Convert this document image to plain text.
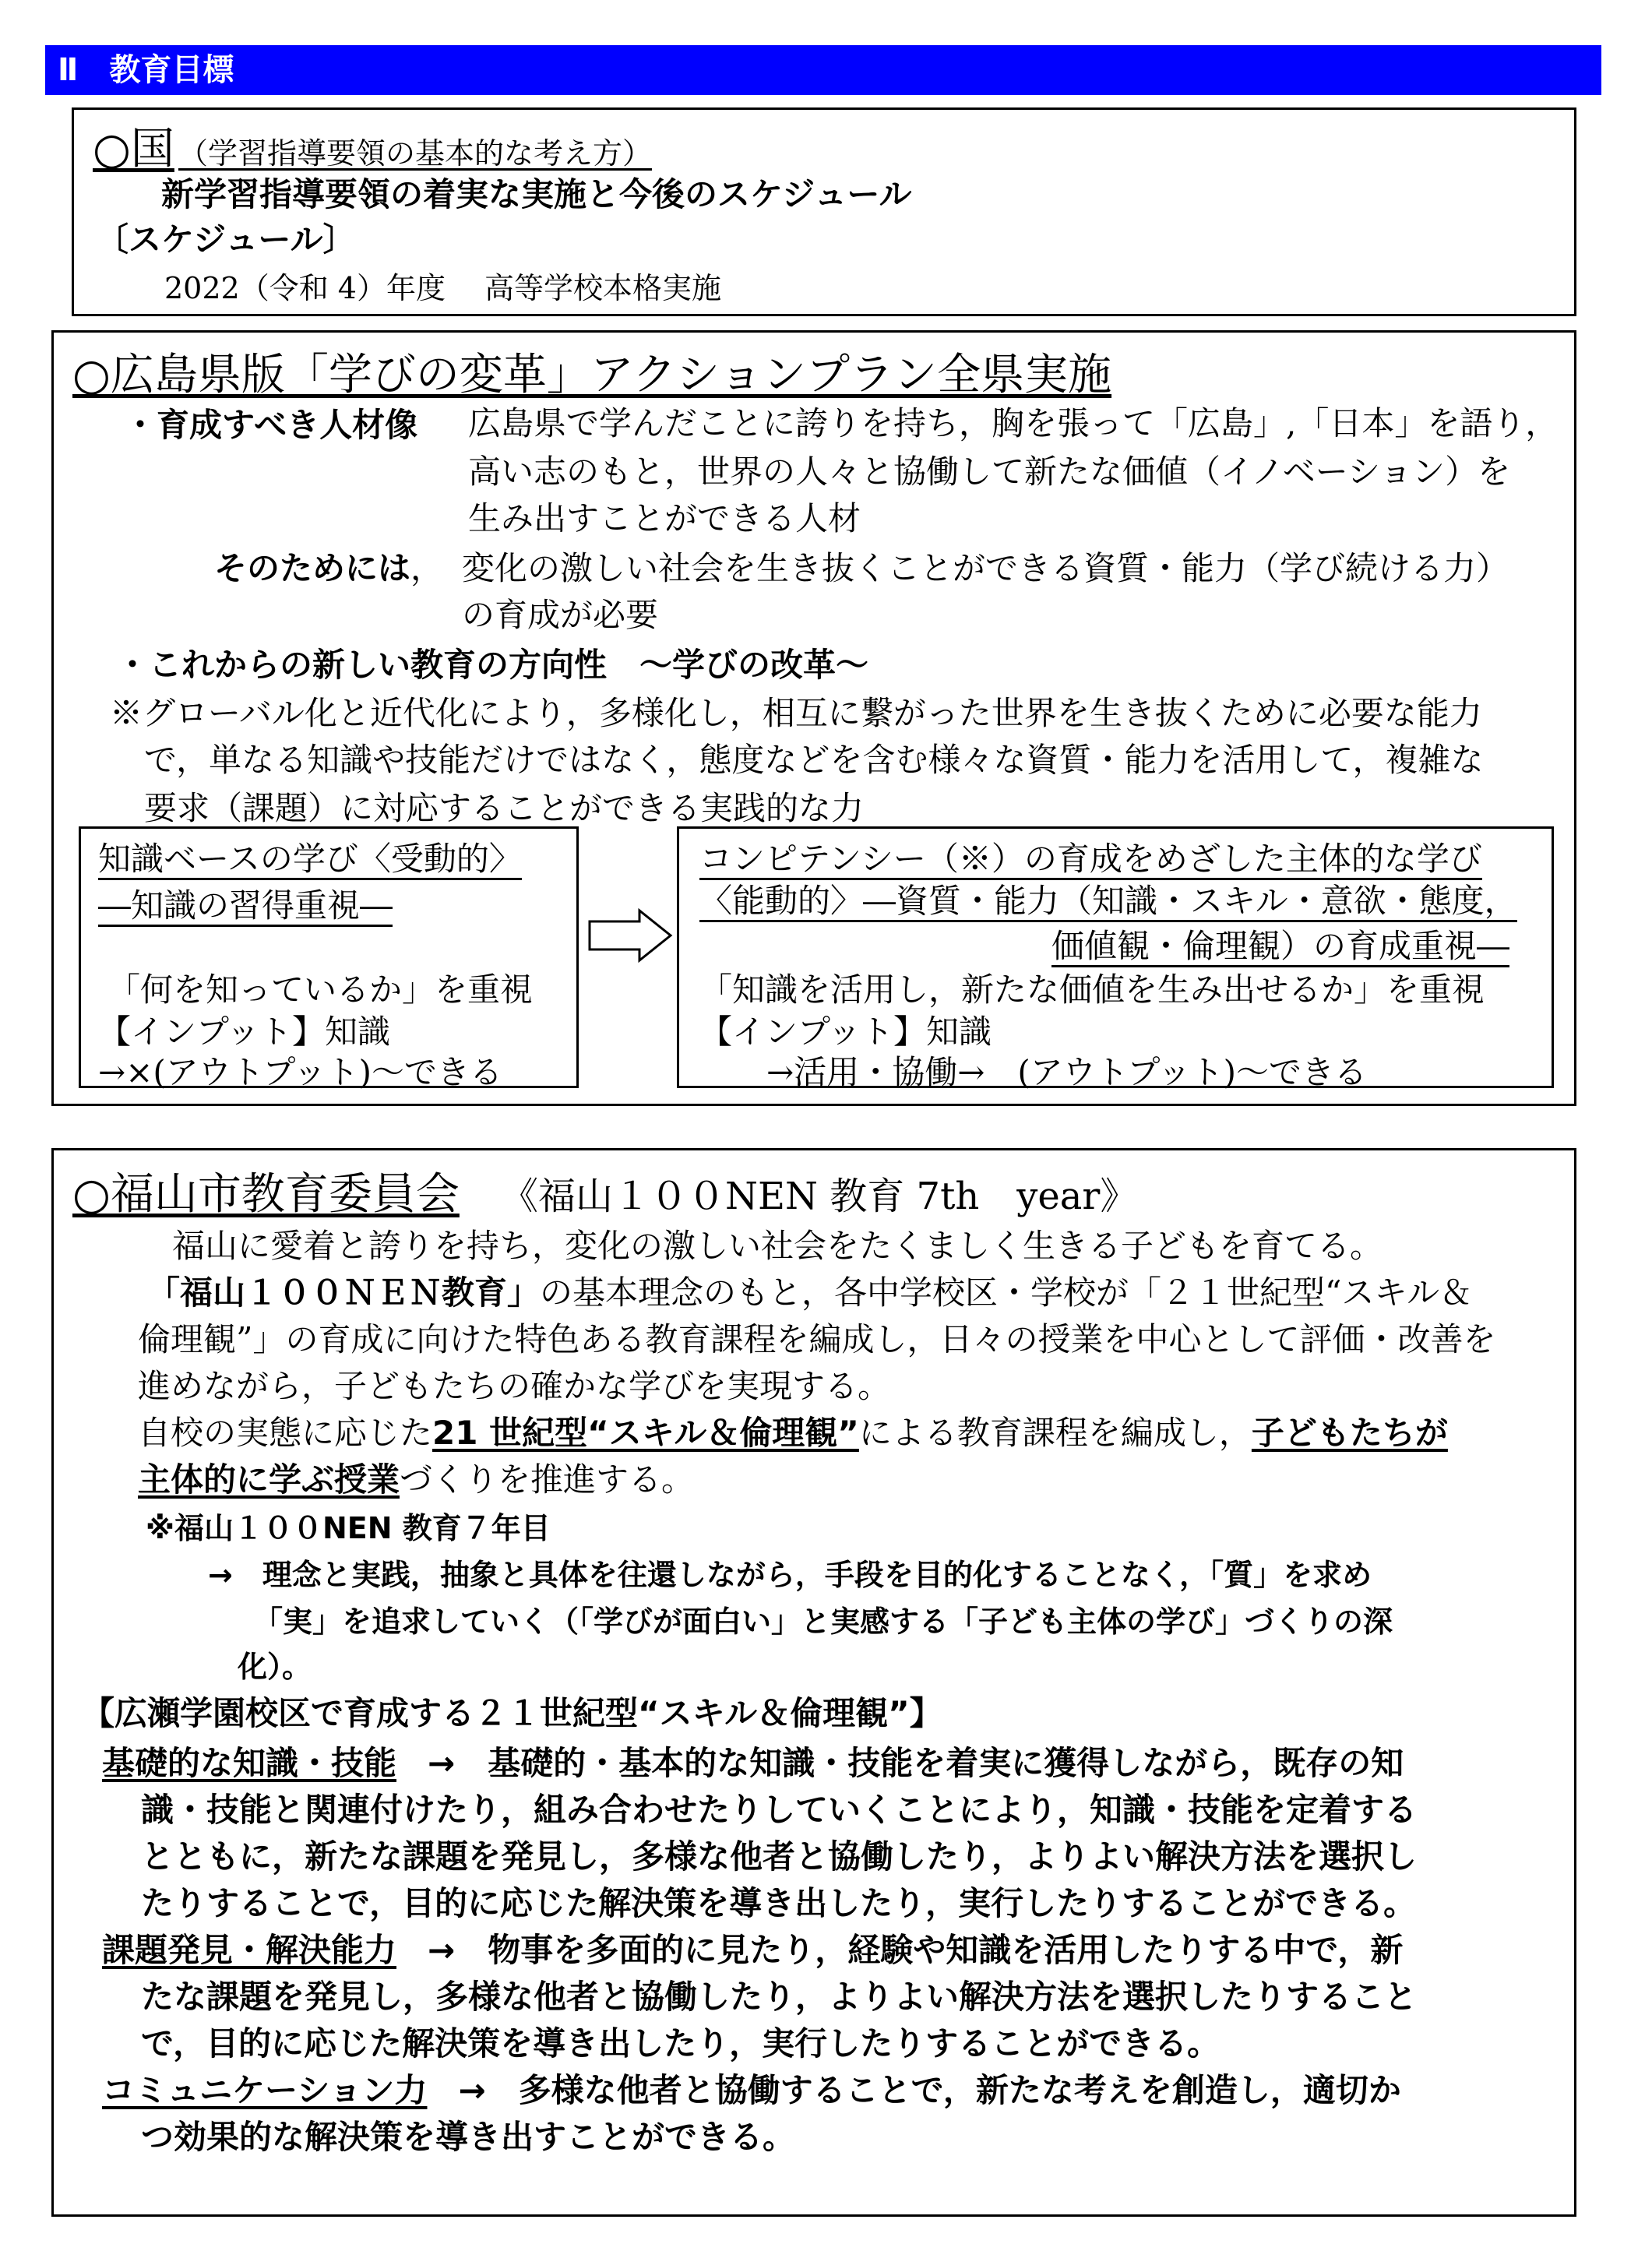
Ⅱ　教育目標
○国 （学習指導要領の基本的な考え方）
新学習指導要領の着実な実施と今後のスケジュール
〔スケジュール〕
2022（令和 4）年度　 高等学校本格実施
○広島県版「学びの変革」アクションプラン全県実施
・育成すべき人材像 広島県で学んだことに誇りを持ち，胸を張って「広島」,「日本」を語り，
高い志のもと，世界の人々と協働して新たな価値（イノベーション）を
生み出すことができる人材
そのためには， 変化の激しい社会を生き抜くことができる資質・能力（学び続ける力）
の育成が必要
・これからの新しい教育の方向性　～学びの改革～
※グローバル化と近代化により，多様化し，相互に繋がった世界を生き抜くために必要な能力
で，単なる知識や技能だけではなく，態度などを含む様々な資質・能力を活用して，複雑な
要求（課題）に対応することができる実践的な力
知識ベースの学び〈受動的〉
―知識の習得重視―
「何を知っているか」を重視
【インプット】知識
→×(アウトプット)～できる
コンピテンシー（※）の育成をめざした主体的な学び
〈能動的〉―資質・能力（知識・スキル・意欲・態度，
価値観・倫理観）の育成重視―
「知識を活用し，新たな価値を生み出せるか」を重視
【インプット】知識
→活用・協働→　(アウトプット)～できる
○福山市教育委員会 《福山１００NEN 教育 7th　year》
福山に愛着と誇りを持ち，変化の激しい社会をたくましく生きる子どもを育てる。
「福山１００ＮＥＮ教育」の基本理念のもと，各中学校区・学校が「２１世紀型“スキル＆
倫理観”」の育成に向けた特色ある教育課程を編成し，日々の授業を中心として評価・改善を
進めながら，子どもたちの確かな学びを実現する。
自校の実態に応じた21 世紀型“スキル＆倫理観”による教育課程を編成し，子どもたちが
主体的に学ぶ授業づくりを推進する。
※福山１００NEN 教育７年目
→　理念と実践，抽象と具体を往還しながら，手段を目的化することなく，「質」を求め
「実」を追求していく（「学びが面白い」と実感する「子ども主体の学び」づくりの深
化）。
【広瀬学園校区で育成する２１世紀型“スキル＆倫理観”】
基礎的な知識・技能 →　基礎的・基本的な知識・技能を着実に獲得しながら，既存の知
識・技能と関連付けたり，組み合わせたりしていくことにより，知識・技能を定着する
とともに，新たな課題を発見し，多様な他者と協働したり，よりよい解決方法を選択し
たりすることで，目的に応じた解決策を導き出したり，実行したりすることができる。
課題発見・解決能力 →　物事を多面的に見たり，経験や知識を活用したりする中で，新
たな課題を発見し，多様な他者と協働したり，よりよい解決方法を選択したりすること
で，目的に応じた解決策を導き出したり，実行したりすることができる。
コミュニケーション力 →　多様な他者と協働することで，新たな考えを創造し，適切か
つ効果的な解決策を導き出すことができる。
